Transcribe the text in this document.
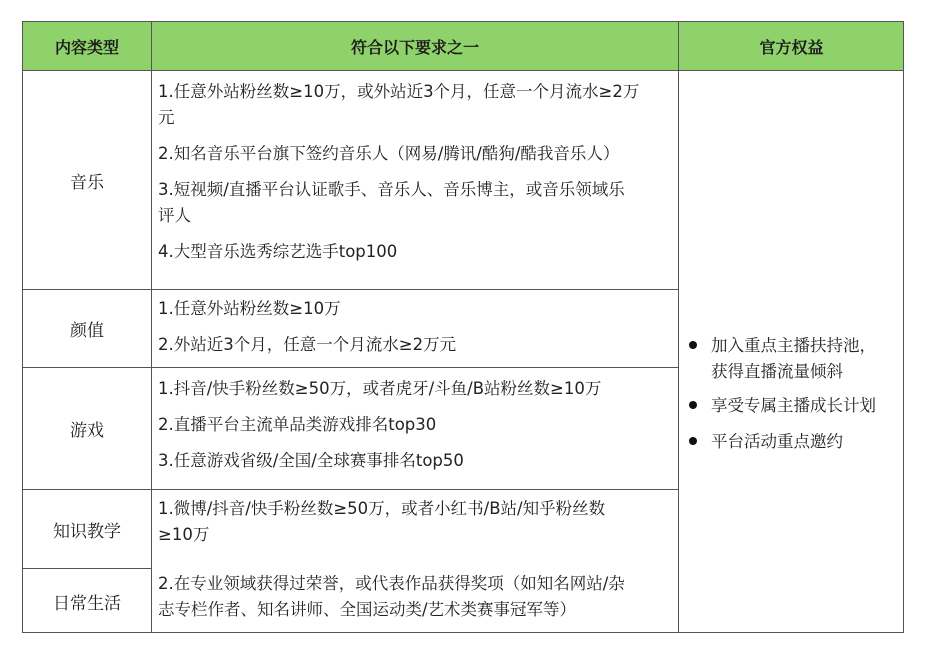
内容类型	符合以下要求之一	官方权益
音乐

1.任意外站粉丝数≥10万，或外站近3个月，任意一个月流水≥2万

元

2.知名音乐平台旗下签约音乐人（网易/腾讯/酷狗/酷我音乐人）

3.短视频/直播平台认证歌手、音乐人、音乐博主，或音乐领域乐

评人

4.大型音乐选秀综艺选手top100

颜值

1.任意外站粉丝数≥10万

2.外站近3个月，任意一个月流水≥2万元

游戏

1.抖音/快手粉丝数≥50万，或者虎牙/斗鱼/B站粉丝数≥10万

2.直播平台主流单品类游戏排名top30

3.任意游戏省级/全国/全球赛事排名top50

知识教学

1.微博/抖音/快手粉丝数≥50万，或者小红书/B站/知乎粉丝数

≥10万

日常生活

2.在专业领域获得过荣誉，或代表作品获得奖项（如知名网站/杂

志专栏作者、知名讲师、全国运动类/艺术类赛事冠军等）

加入重点主播扶持池，
获得直播流量倾斜
享受专属主播成长计划
平台活动重点邀约
